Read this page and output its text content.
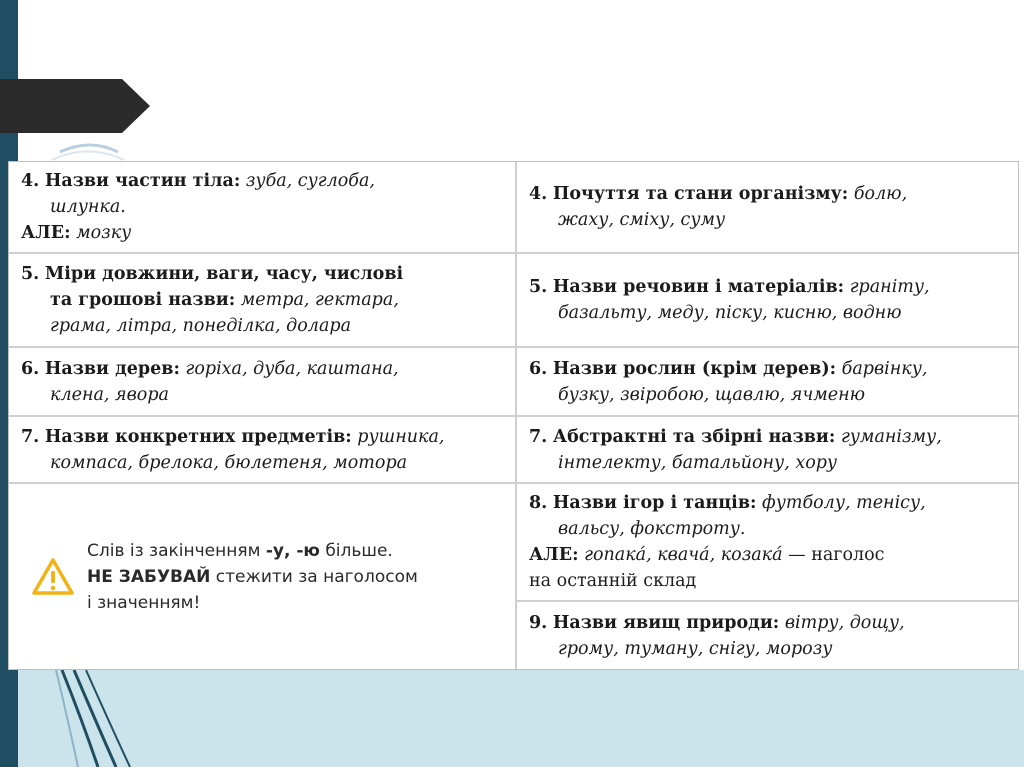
4. Назви частин тіла: зуба, суглоба,
шлунка.
АЛЕ: мозку
5. Міри довжини, ваги, часу, числові
та грошові назви: метра, гектара,
грама, літра, понеділка, долара
6. Назви дерев: горіха, дуба, каштана,
клена, явора
7. Назви конкретних предметів: рушника,
компаса, брелока, бюлетеня, мотора
Слів із закінченням -у, -ю більше.
НЕ ЗАБУВАЙ стежити за наголосом
і значенням!
4. Почуття та стани організму: болю,
жаху, сміху, суму
5. Назви речовин і матеріалів: граніту,
базальту, меду, піску, кисню, водню
6. Назви рослин (крім дерев): барвінку,
бузку, звіробою, щавлю, ячменю
7. Абстрактні та збірні назви: гуманізму,
інтелекту, батальйону, хору
8. Назви ігор і танців: футболу, тенісу,
вальсу, фокстроту.
АЛЕ: гопака́, квача́, козака́ — наголос
на останній склад
9. Назви явищ природи: вітру, дощу,
грому, туману, снігу, морозу
